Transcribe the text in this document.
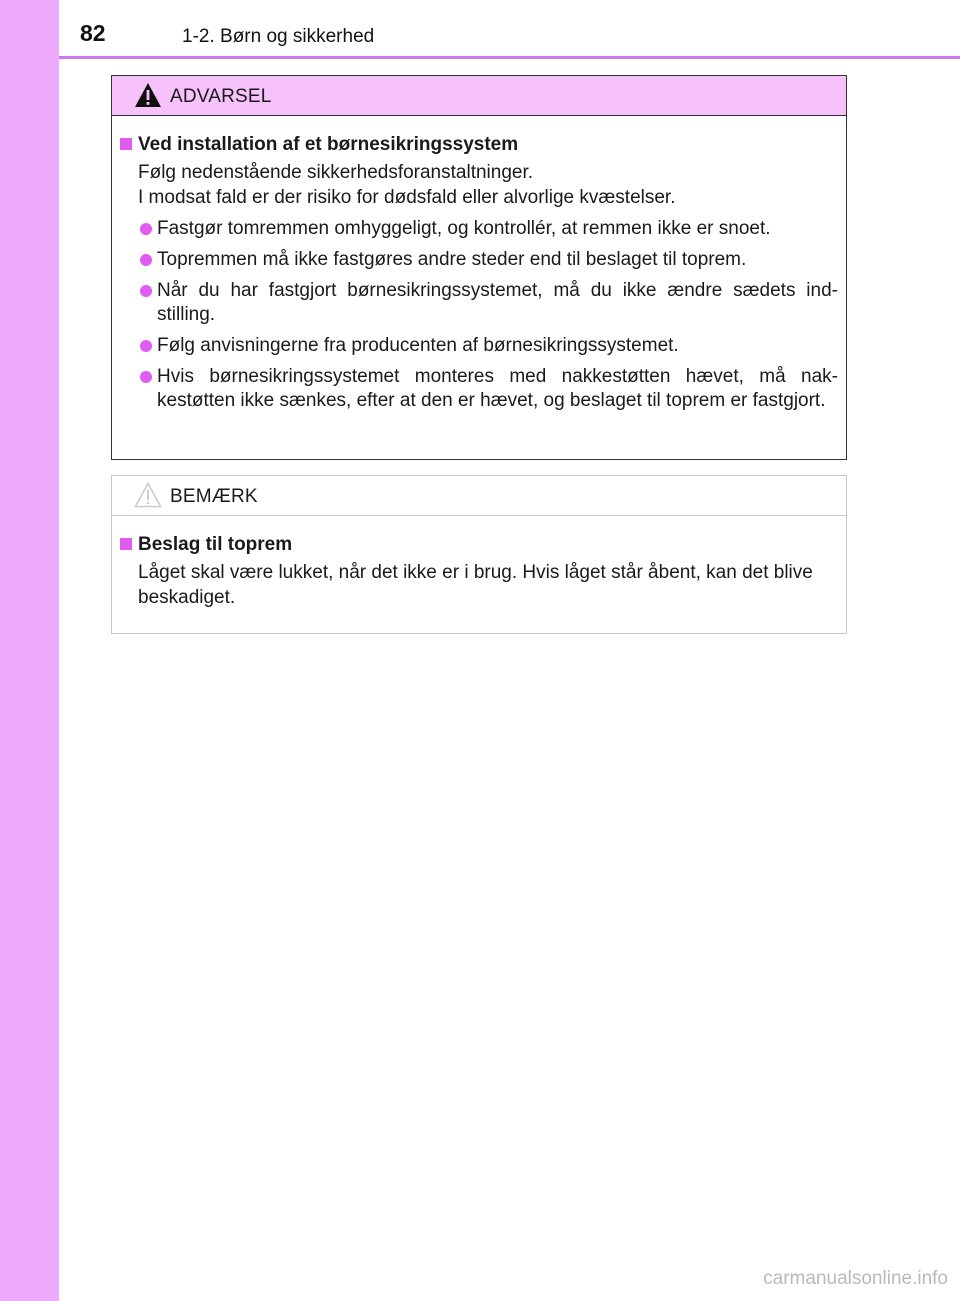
82	1-2. Børn og sikkerhed
ADVARSEL
Ved installation af et børnesikringssystem
Følg nedenstående sikkerhedsforanstaltninger.
I modsat fald er der risiko for dødsfald eller alvorlige kvæstelser.
Fastgør tomremmen omhyggeligt, og kontrollér, at remmen ikke er snoet.
Topremmen må ikke fastgøres andre steder end til beslaget til toprem.
Når du har fastgjort børnesikringssystemet, må du ikke ændre sædets ind-stilling.
Følg anvisningerne fra producenten af børnesikringssystemet.
Hvis børnesikringssystemet monteres med nakkestøtten hævet, må nak-kestøtten ikke sænkes, efter at den er hævet, og beslaget til toprem er fastgjort.
BEMÆRK
Beslag til toprem
Låget skal være lukket, når det ikke er i brug. Hvis låget står åbent, kan det blive beskadiget.
carmanualsonline.info
